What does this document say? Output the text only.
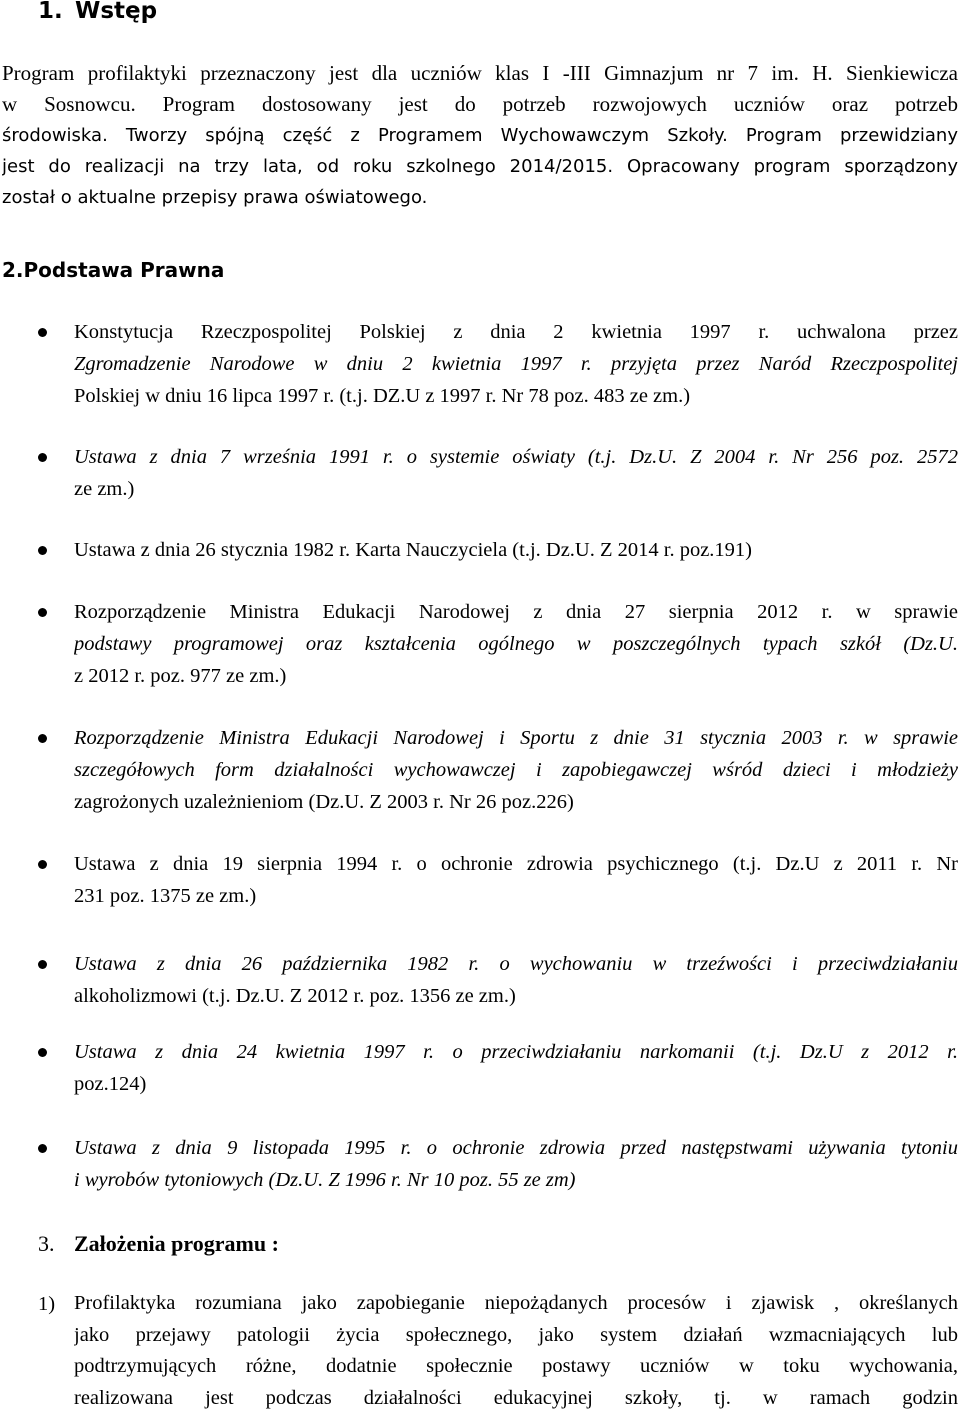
1. Wstęp
Program profilaktyki przeznaczony jest dla uczniów klas I -III Gimnazjum nr 7 im. H. Sienkiewicza
w Sosnowcu. Program dostosowany jest do potrzeb rozwojowych uczniów oraz potrzeb
środowiska. Tworzy spójną część z Programem Wychowawczym Szkoły. Program przewidziany
jest do realizacji na trzy lata, od roku szkolnego 2014/2015. Opracowany program sporządzony
został o aktualne przepisy prawa oświatowego.
2.Podstawa Prawna
Konstytucja Rzeczpospolitej Polskiej z dnia 2 kwietnia 1997 r. uchwalona przez
Zgromadzenie Narodowe w dniu 2 kwietnia 1997 r. przyjęta przez Naród Rzeczpospolitej
Polskiej w dniu 16 lipca 1997 r. (t.j. DZ.U z 1997 r. Nr 78 poz. 483 ze zm.)
Ustawa z dnia 7 września 1991 r. o systemie oświaty (t.j. Dz.U. Z 2004 r. Nr 256 poz. 2572
ze zm.)
Ustawa z dnia 26 stycznia 1982 r. Karta Nauczyciela (t.j. Dz.U. Z 2014 r. poz.191)
Rozporządzenie Ministra Edukacji Narodowej z dnia 27 sierpnia 2012 r. w sprawie
podstawy programowej oraz kształcenia ogólnego w poszczególnych typach szkół (Dz.U.
z 2012 r. poz. 977 ze zm.)
Rozporządzenie Ministra Edukacji Narodowej i Sportu z dnie 31 stycznia 2003 r. w sprawie
szczegółowych form działalności wychowawczej i zapobiegawczej wśród dzieci i młodzieży
zagrożonych uzależnieniom (Dz.U. Z 2003 r. Nr 26 poz.226)
Ustawa z dnia 19 sierpnia 1994 r. o ochronie zdrowia psychicznego (t.j. Dz.U z 2011 r. Nr
231 poz. 1375 ze zm.)
Ustawa z dnia 26 października 1982 r. o wychowaniu w trzeźwości i przeciwdziałaniu
alkoholizmowi (t.j. Dz.U. Z 2012 r. poz. 1356 ze zm.)
Ustawa z dnia 24 kwietnia 1997 r. o przeciwdziałaniu narkomanii (t.j. Dz.U z 2012 r.
poz.124)
Ustawa z dnia 9 listopada 1995 r. o ochronie zdrowia przed następstwami używania tytoniu
i wyrobów tytoniowych (Dz.U. Z 1996 r. Nr 10 poz. 55 ze zm)
3. Założenia programu :
1) Profilaktyka rozumiana jako zapobieganie niepożądanych procesów i zjawisk , określanych
jako przejawy patologii życia społecznego, jako system działań wzmacniających lub
podtrzymujących różne, dodatnie społecznie postawy uczniów w toku wychowania,
realizowana jest podczas działalności edukacyjnej szkoły, tj. w ramach godzin
